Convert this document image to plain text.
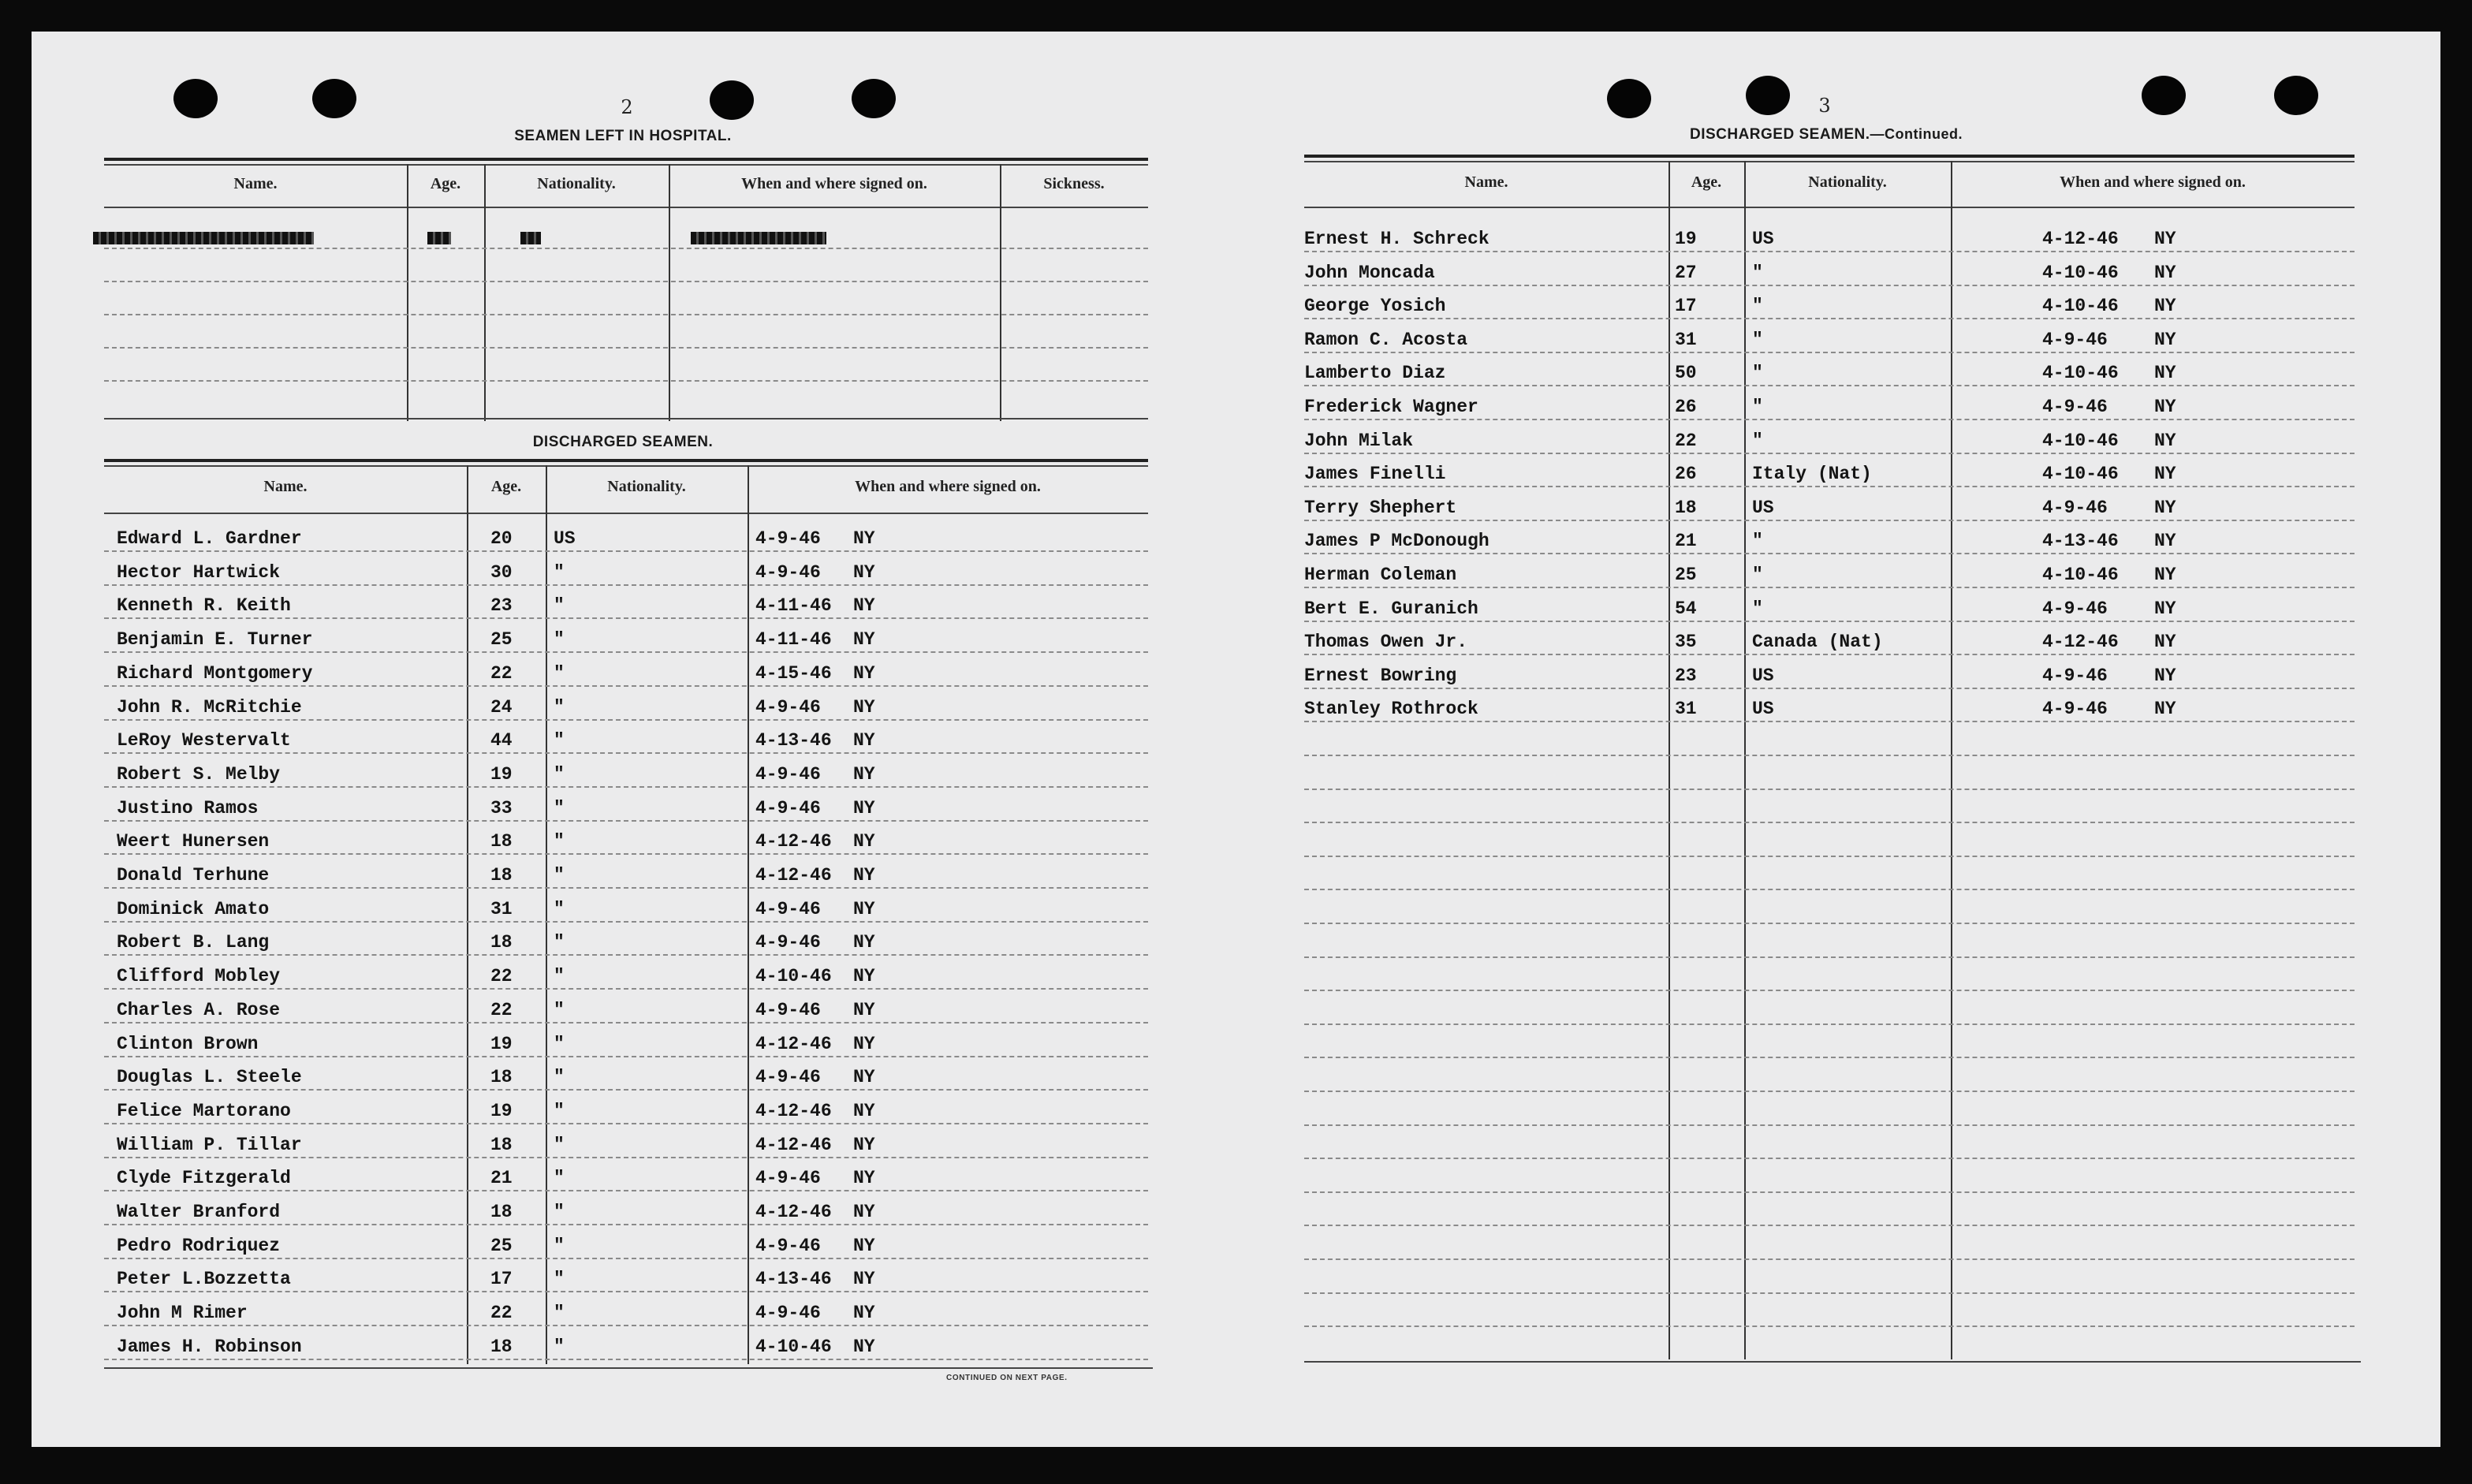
2
SEAMEN LEFT IN HOSPITAL.
Name.	Age.	Nationality.	When and where signed on.	Sickness.
DISCHARGED SEAMEN.
Name.	Age.	Nationality.	When and where signed on.
Edward L. Gardner	20 US	4-9-46 NY
Hector Hartwick	30 "	4-9-46 NY
Kenneth R. Keith	23 "	4-11-46 NY
Benjamin E. Turner	25 "	4-11-46 NY
Richard Montgomery	22 "	4-15-46 NY
John R. McRitchie	24 "	4-9-46 NY
LeRoy Westervalt	44 "	4-13-46 NY
Robert S. Melby	19 "	4-9-46 NY
Justino Ramos	33 "	4-9-46 NY
Weert Hunersen	18 "	4-12-46 NY
Donald Terhune	18 "	4-12-46 NY
Dominick Amato	31 "	4-9-46 NY
Robert B. Lang	18 "	4-9-46 NY
Clifford Mobley	22 "	4-10-46 NY
Charles A. Rose	22 "	4-9-46 NY
Clinton Brown	19 "	4-12-46 NY
Douglas L. Steele	18 "	4-9-46 NY
Felice Martorano	19 "	4-12-46 NY
William P. Tillar	18 "	4-12-46 NY
Clyde Fitzgerald	21 "	4-9-46 NY
Walter Branford	18 "	4-12-46 NY
Pedro Rodriquez	25 "	4-9-46 NY
Peter L.Bozzetta	17 "	4-13-46 NY
John M Rimer	22 "	4-9-46 NY
James H. Robinson	18 "	4-10-46 NY
CONTINUED ON NEXT PAGE.
3
DISCHARGED SEAMEN.—Continued.
Name.	Age.	Nationality.	When and where signed on.
Ernest H. Schreck	19	US	4-12-46 NY
John Moncada	27	"	4-10-46 NY
George Yosich	17	"	4-10-46 NY
Ramon C. Acosta	31	"	4-9-46	NY
Lamberto Diaz	50	"	4-10-46 NY
Frederick Wagner	26	"	4-9-46	NY
John Milak	22	"	4-10-46 NY
James Finelli	26	Italy (Nat)	4-10-46 NY
Terry Shephert	18	US	4-9-46	NY
James P McDonough	21	"	4-13-46 NY
Herman Coleman	25	"	4-10-46 NY
Bert E. Guranich	54	"	4-9-46	NY
Thomas Owen Jr.	35	Canada (Nat)	4-12-46 NY
Ernest Bowring	23	US	4-9-46	NY
Stanley Rothrock	31	US	4-9-46	NY
